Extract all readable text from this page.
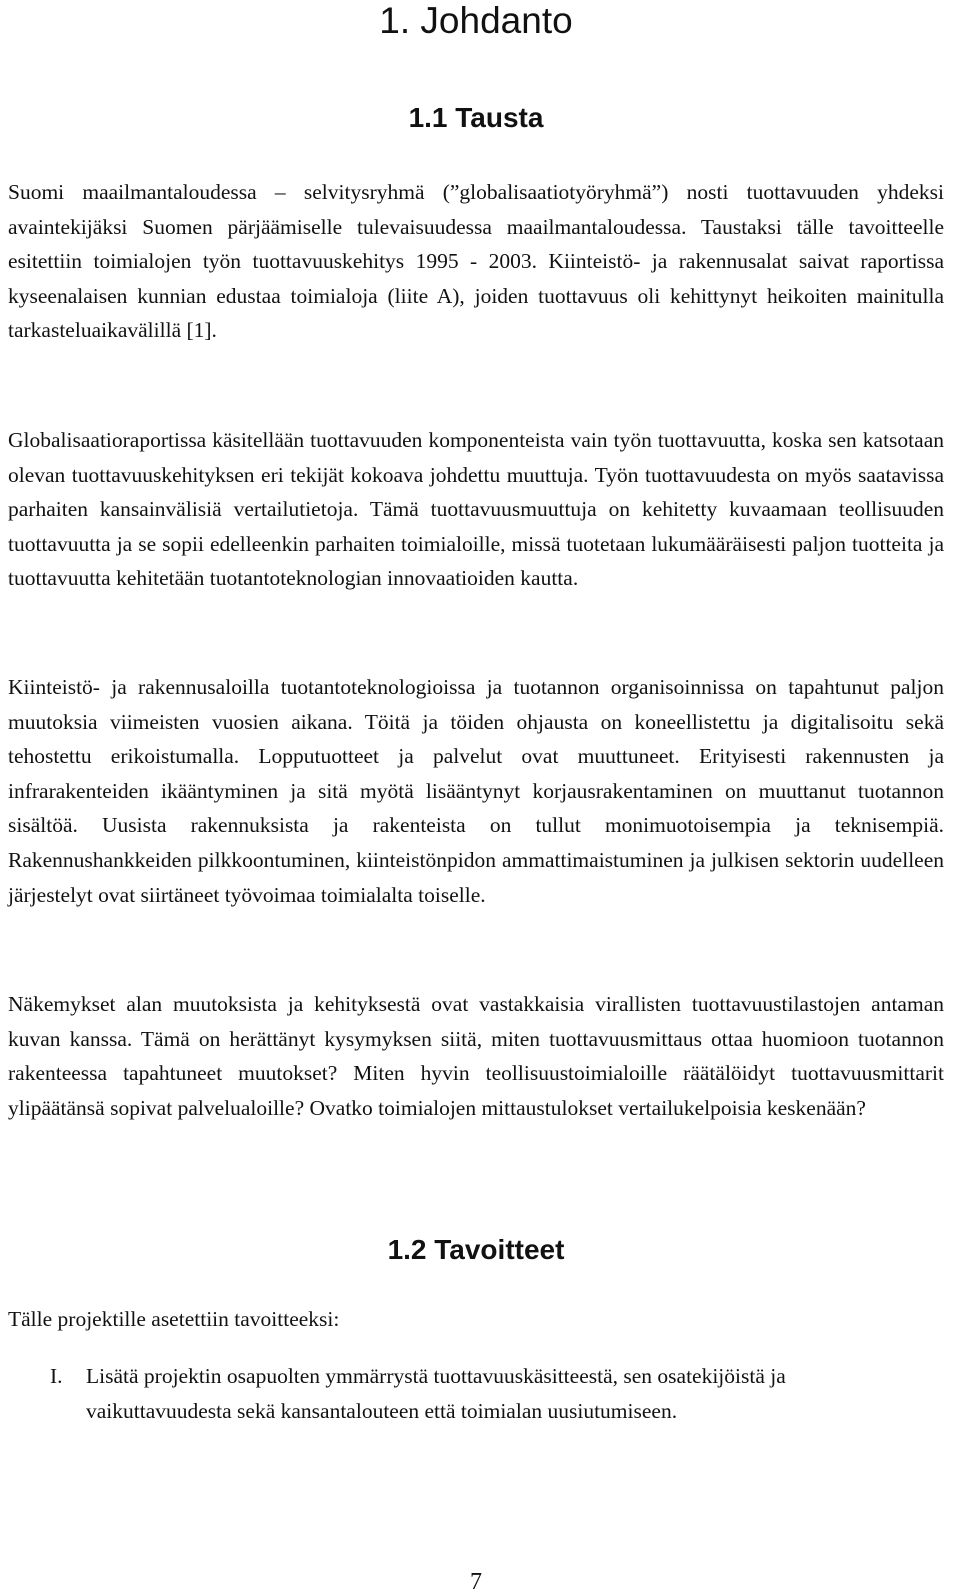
1. Johdanto
1.1 Tausta

Suomi maailmantaloudessa – selvitysryhmä (”globalisaatiotyöryhmä”) nosti tuottavuuden yhdeksi avaintekijäksi Suomen pärjäämiselle tulevaisuudessa maailmantaloudessa. Taustaksi tälle tavoitteelle esitettiin toimialojen työn tuottavuuskehitys 1995 - 2003. Kiinteistö- ja rakennusalat saivat raportissa kyseenalaisen kunnian edustaa toimialoja (liite A), joiden tuottavuus oli kehittynyt heikoiten mainitulla tarkasteluaikavälillä [1].

Globalisaatioraportissa käsitellään tuottavuuden komponenteista vain työn tuottavuutta, koska sen katsotaan olevan tuottavuuskehityksen eri tekijät kokoava johdettu muuttuja. Työn tuottavuudesta on myös saatavissa parhaiten kansainvälisiä vertailutietoja. Tämä tuottavuusmuuttuja on kehitetty kuvaamaan teollisuuden tuottavuutta ja se sopii edelleenkin parhaiten toimialoille, missä tuotetaan lukumääräisesti paljon tuotteita ja tuottavuutta kehitetään tuotantoteknologian innovaatioiden kautta.

Kiinteistö- ja rakennusaloilla tuotantoteknologioissa ja tuotannon organisoinnissa on tapahtunut paljon muutoksia viimeisten vuosien aikana. Töitä ja töiden ohjausta on koneellistettu ja digitalisoitu sekä tehostettu erikoistumalla. Lopputuotteet ja palvelut ovat muuttuneet. Erityisesti rakennusten ja infrarakenteiden ikääntyminen ja sitä myötä lisääntynyt korjausrakentaminen on muuttanut tuotannon sisältöä. Uusista rakennuksista ja rakenteista on tullut monimuotoisempia ja teknisempiä. Rakennushankkeiden pilkkoontuminen, kiinteistönpidon ammattimaistuminen ja julkisen sektorin uudelleen järjestelyt ovat siirtäneet työvoimaa toimialalta toiselle.

Näkemykset alan muutoksista ja kehityksestä ovat vastakkaisia virallisten tuottavuustilastojen antaman kuvan kanssa. Tämä on herättänyt kysymyksen siitä, miten tuottavuusmittaus ottaa huomioon tuotannon rakenteessa tapahtuneet muutokset? Miten hyvin teollisuustoimialoille räätälöidyt tuottavuusmittarit ylipäätänsä sopivat palvelualoille? Ovatko toimialojen mittaustulokset vertailukelpoisia keskenään?

1.2 Tavoitteet

Tälle projektille asetettiin tavoitteeksi:

I. Lisätä projektin osapuolten ymmärrystä tuottavuuskäsitteestä, sen osatekijöistä ja vaikuttavuudesta sekä kansantalouteen että toimialan uusiutumiseen.
7
